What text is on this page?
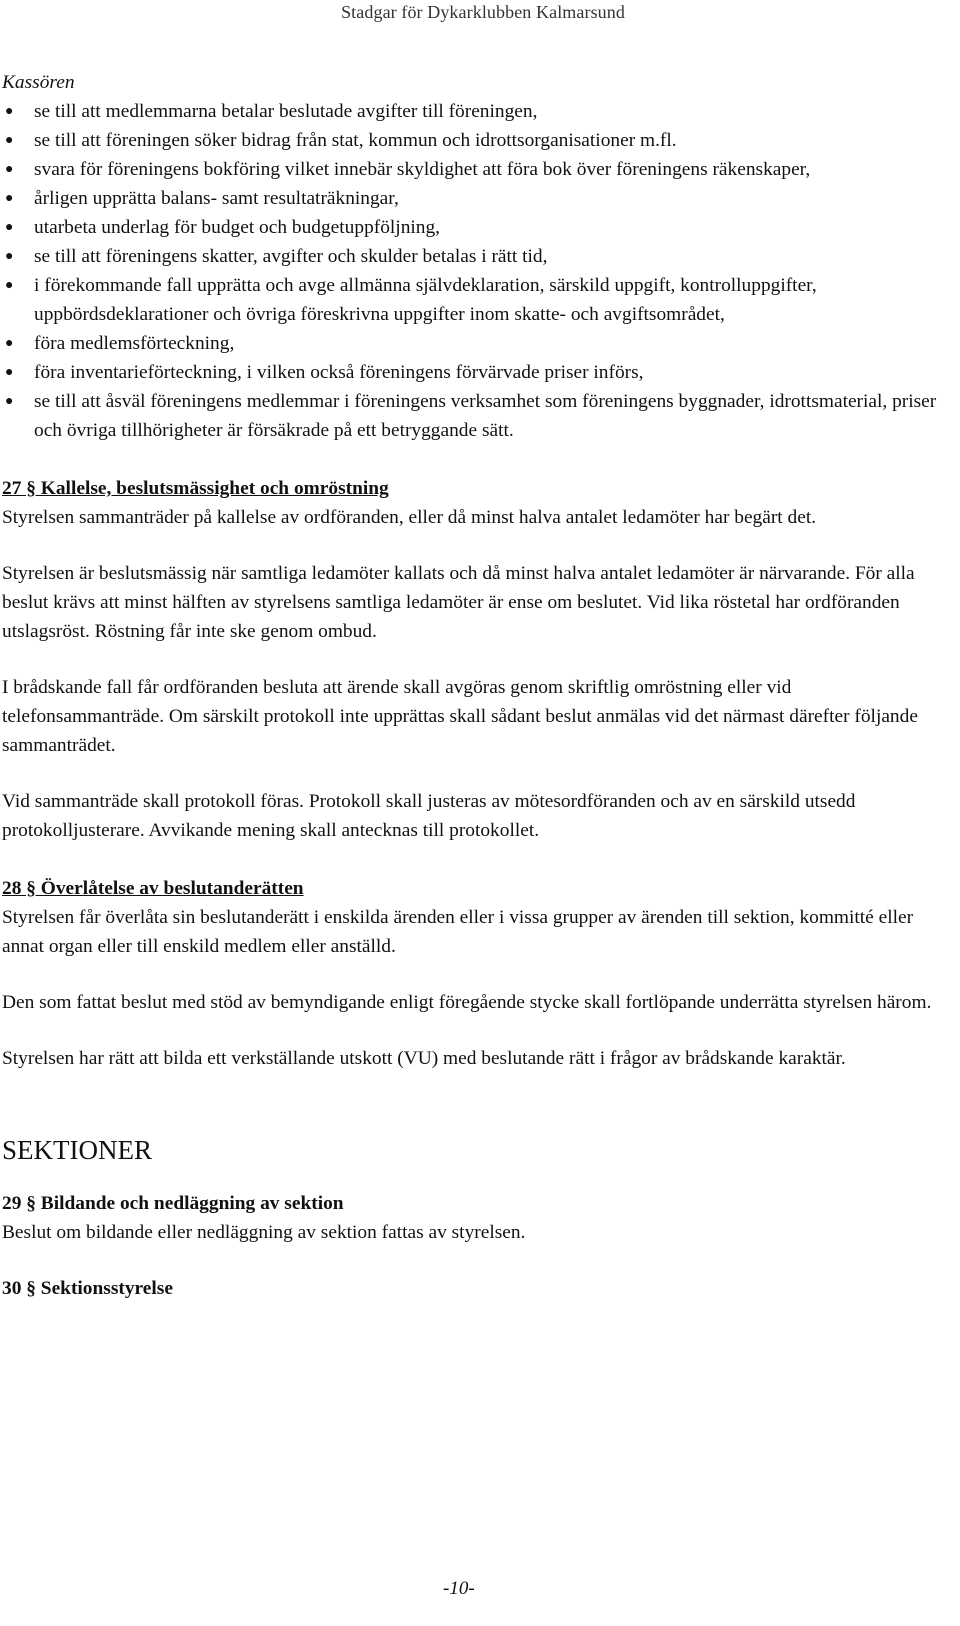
Stadgar för Dykarklubben Kalmarsund

Kassören

● se till att medlemmarna betalar beslutade avgifter till föreningen,
● se till att föreningen söker bidrag från stat, kommun och idrottsorganisationer m.fl.
● svara för föreningens bokföring vilket innebär skyldighet att föra bok över föreningens räkenskaper,
● årligen upprätta balans- samt resultaträkningar,
● utarbeta underlag för budget och budgetuppföljning,
● se till att föreningens skatter, avgifter och skulder betalas i rätt tid,
● i förekommande fall upprätta och avge allmänna självdeklaration, särskild uppgift, kontrolluppgifter, uppbördsdeklarationer och övriga föreskrivna uppgifter inom skatte- och avgiftsområdet,
● föra medlemsförteckning,
● föra inventarieförteckning, i vilken också föreningens förvärvade priser införs,
● se till att åsväl föreningens medlemmar i föreningens verksamhet som föreningens byggnader, idrottsmaterial, priser och övriga tillhörigheter är försäkrade på ett betryggande sätt.
27 § Kallelse, beslutsmässighet och omröstning

Styrelsen sammanträder på kallelse av ordföranden, eller då minst halva antalet ledamöter har begärt det.

Styrelsen är beslutsmässig när samtliga ledamöter kallats och då minst halva antalet ledamöter är närvarande. För alla beslut krävs att minst hälften av styrelsens samtliga ledamöter är ense om beslutet. Vid lika röstetal har ordföranden utslagsröst. Röstning får inte ske genom ombud.

I brådskande fall får ordföranden besluta att ärende skall avgöras genom skriftlig omröstning eller vid telefonsammanträde. Om särskilt protokoll inte upprättas skall sådant beslut anmälas vid det närmast därefter följande sammanträdet.

Vid sammanträde skall protokoll föras. Protokoll skall justeras av mötesordföranden och av en särskild utsedd protokolljusterare. Avvikande mening skall antecknas till protokollet.

28 § Överlåtelse av beslutanderätten

Styrelsen får överlåta sin beslutanderätt i enskilda ärenden eller i vissa grupper av ärenden till sektion, kommitté eller annat organ eller till enskild medlem eller anställd.

Den som fattat beslut med stöd av bemyndigande enligt föregående stycke skall fortlöpande underrätta styrelsen härom.

Styrelsen har rätt att bilda ett verkställande utskott (VU) med beslutande rätt i frågor av brådskande karaktär.

SEKTIONER
29 § Bildande och nedläggning av sektion

Beslut om bildande eller nedläggning av sektion fattas av styrelsen.

30 § Sektionsstyrelse
-10-
